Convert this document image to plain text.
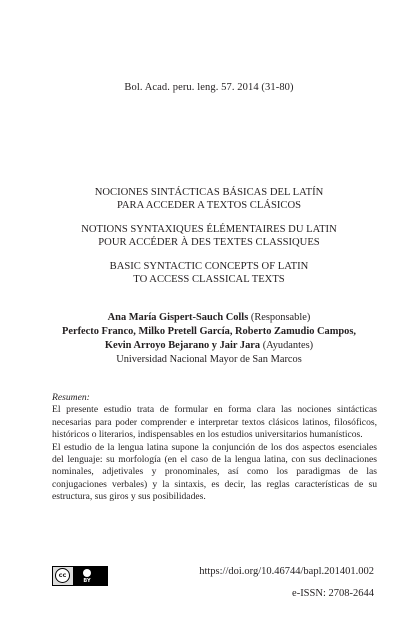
Bol. Acad. peru. leng. 57. 2014 (31-80)
NOCIONES SINTÁCTICAS BÁSICAS DEL LATÍN
PARA ACCEDER A TEXTOS CLÁSICOS
NOTIONS SYNTAXIQUES ÉLÉMENTAIRES DU LATIN
POUR ACCÉDER À DES TEXTES CLASSIQUES
BASIC SYNTACTIC CONCEPTS OF LATIN
TO ACCESS CLASSICAL TEXTS
Ana María Gispert-Sauch Colls (Responsable)
Perfecto Franco, Milko Pretell García, Roberto Zamudio Campos,
Kevin Arroyo Bejarano y Jair Jara (Ayudantes)
Universidad Nacional Mayor de San Marcos
Resumen:

El presente estudio trata de formular en forma clara las nociones sintácticas necesarias para poder comprender e interpretar textos clásicos latinos, filosóficos, históricos o literarios, indispensables en los estudios universitarios humanísticos.

El estudio de la lengua latina supone la conjunción de los dos aspectos esenciales del lenguaje: su morfología (en el caso de la lengua latina, con sus declinaciones nominales, adjetivales y pronominales, así como los paradigmas de las conjugaciones verbales) y la sintaxis, es decir, las reglas características de su estructura, sus giros y sus posibilidades.

cc
BY
https://doi.org/10.46744/bapl.201401.002
e-ISSN: 2708-2644
